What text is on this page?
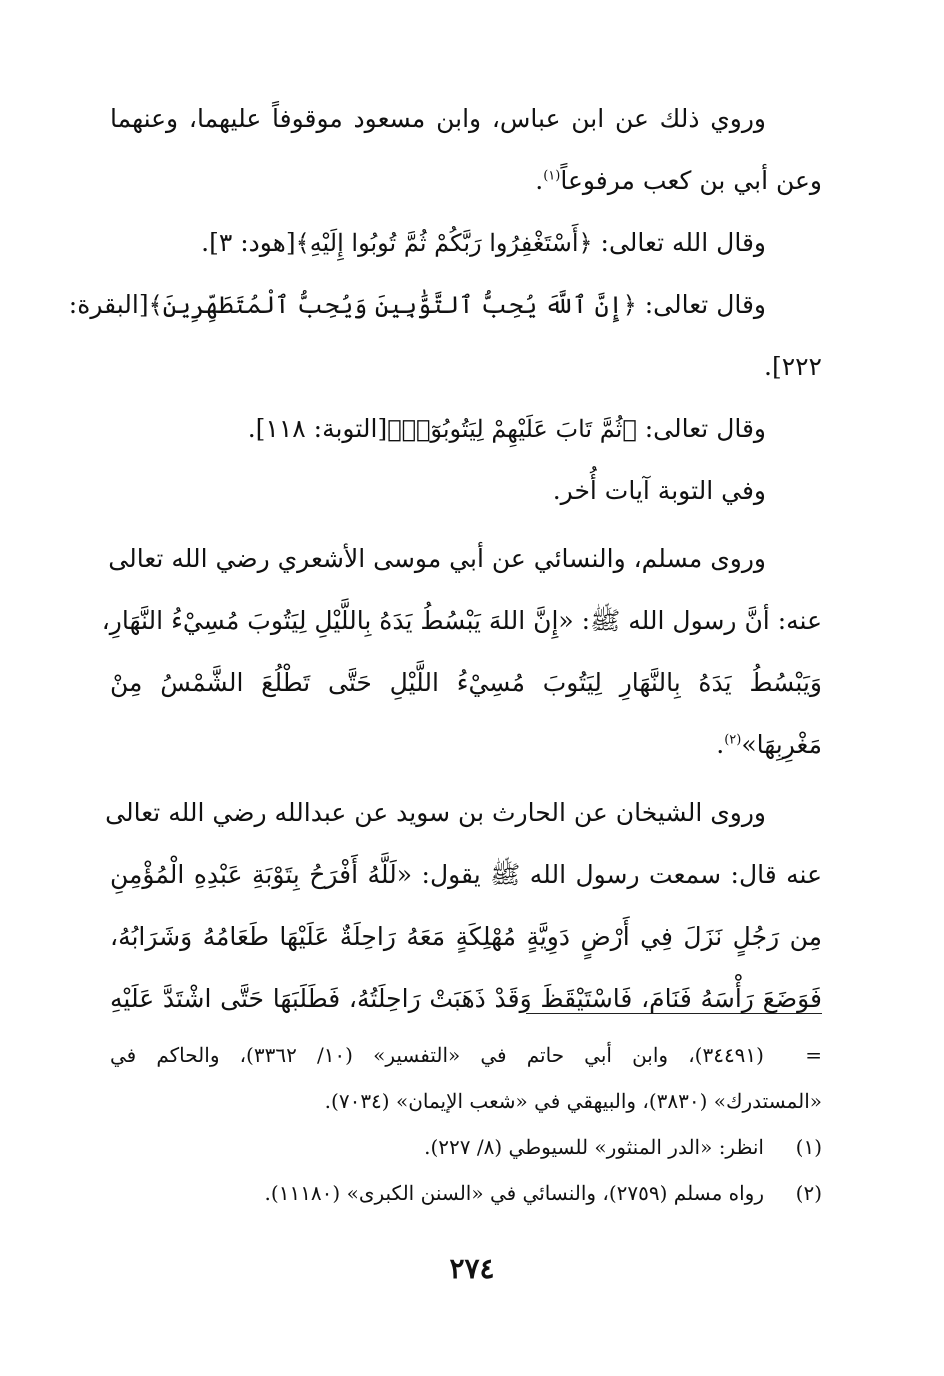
وروي ذلك عن ابن عباس، وابن مسعود موقوفاً عليهما، وعنهما
وعن أبي بن كعب مرفوعاً$^{(١)}$.
وقال الله تعالى: ﴿أَسْتَغْفِرُوا رَبَّكُمْ ثُمَّ تُوبُوا إِلَيْهِ﴾[هود: ٣].
وقال تعالى: ﴿إِنَّ ٱللَّهَ يُحِبُّ ٱلتَّوَّٰبِينَ وَيُحِبُّ ٱلْمُتَطَهِّرِينَ﴾[البقرة:
٢٢٢].
وقال تعالى: ﴿ثُمَّ تَابَ عَلَيْهِمْ لِيَتُوبُوٓا۟﴾[التوبة: ١١٨].
وفي التوبة آيات أُخر.
وروى مسلم، والنسائي عن أبي موسى الأشعري رضي الله تعالى
عنه: أنَّ رسول الله ﷺ: «إِنَّ اللهَ يَبْسُطُ يَدَهُ بِاللَّيْلِ لِيَتُوبَ مُسِيْءُ النَّهَارِ،
وَيَبْسُطُ يَدَهُ بِالنَّهَارِ لِيَتُوبَ مُسِيْءُ اللَّيْلِ حَتَّى تَطْلُعَ الشَّمْسُ مِنْ
مَغْرِبِهَا»$^{(٢)}$.
وروى الشيخان عن الحارث بن سويد عن عبدالله رضي الله تعالى
عنه قال: سمعت رسول الله ﷺ يقول: «لَلَّهُ أَفْرَحُ بِتَوْبَةِ عَبْدِهِ الْمُؤْمِنِ
مِن رَجُلٍ نَزَلَ فِي أَرْضٍ دَوِيَّةٍ مُهْلِكَةٍ مَعَهُ رَاحِلَةٌ عَلَيْهَا طَعَامُهُ وَشَرَابُهُ،
فَوَضَعَ رَأْسَهُ فَنَامَ، فَاسْتَيْقَظَ وَقَدْ ذَهَبَتْ رَاحِلَتُهُ، فَطَلَبَهَا حَتَّى اشْتَدَّ عَلَيْهِ
=(٣٤٤٩١)، وابن أبي حاتم في «التفسير» (١٠/ ٣٣٦٢)، والحاكم في
«المستدرك» (٣٨٣٠)، والبيهقي في «شعب الإيمان» (٧٠٣٤).
(١)انظر: «الدر المنثور» للسيوطي (٨/ ٢٢٧).
(٢)رواه مسلم (٢٧٥٩)، والنسائي في «السنن الكبرى» (١١١٨٠).
٢٧٤
